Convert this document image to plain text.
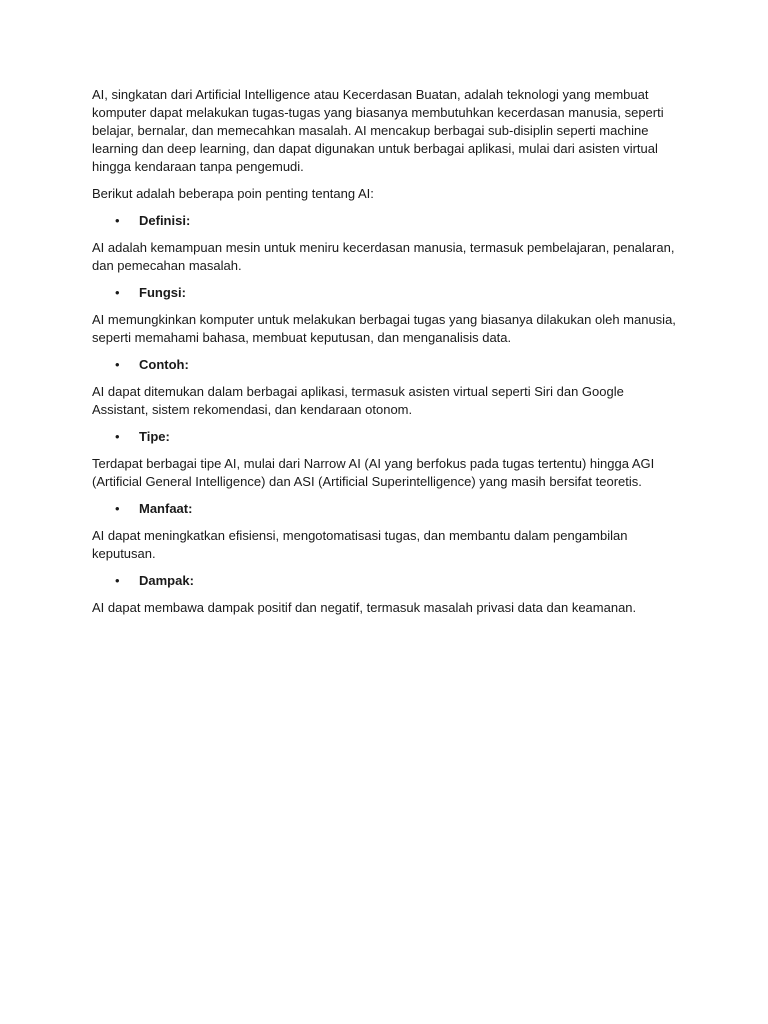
AI, singkatan dari Artificial Intelligence atau Kecerdasan Buatan, adalah teknologi yang membuat komputer dapat melakukan tugas-tugas yang biasanya membutuhkan kecerdasan manusia, seperti belajar, bernalar, dan memecahkan masalah. AI mencakup berbagai sub-disiplin seperti machine learning dan deep learning, dan dapat digunakan untuk berbagai aplikasi, mulai dari asisten virtual hingga kendaraan tanpa pengemudi.

Berikut adalah beberapa poin penting tentang AI:

• Definisi:

AI adalah kemampuan mesin untuk meniru kecerdasan manusia, termasuk pembelajaran, penalaran, dan pemecahan masalah.

• Fungsi:

AI memungkinkan komputer untuk melakukan berbagai tugas yang biasanya dilakukan oleh manusia, seperti memahami bahasa, membuat keputusan, dan menganalisis data.

• Contoh:

AI dapat ditemukan dalam berbagai aplikasi, termasuk asisten virtual seperti Siri dan Google Assistant, sistem rekomendasi, dan kendaraan otonom.

• Tipe:

Terdapat berbagai tipe AI, mulai dari Narrow AI (AI yang berfokus pada tugas tertentu) hingga AGI (Artificial General Intelligence) dan ASI (Artificial Superintelligence) yang masih bersifat teoretis.

• Manfaat:

AI dapat meningkatkan efisiensi, mengotomatisasi tugas, dan membantu dalam pengambilan keputusan.

• Dampak:

AI dapat membawa dampak positif dan negatif, termasuk masalah privasi data dan keamanan.
